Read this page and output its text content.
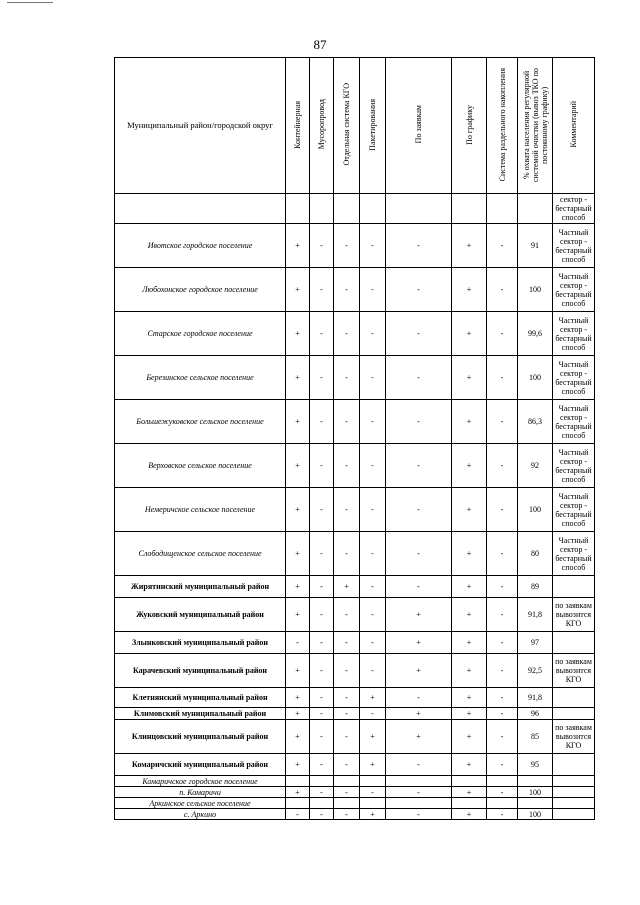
87
Муниципальный район/городской округ	Контейнерная	Мусоропровод	Отдельная система КГО	Пакетирования	По заявкам	По графику	Система раздельного накопления	% охвата населения регулярной системой очистки (вывоз ТКО по постоянному графику)	Комментарий
									сектор - бестарный способ
Ивотское городское поселение	+	-	-	-	-	+	-	91	Частный сектор - бестарный способ
Любохонское городское поселение	+	-	-	-	-	+	-	100	Частный сектор - бестарный способ
Старское городское поселение	+	-	-	-	-	+	-	99,6	Частный сектор - бестарный способ
Березинское сельское поселение	+	-	-	-	-	+	-	100	Частный сектор - бестарный способ
Большежуковское сельское поселение	+	-	-	-	-	+	-	86,3	Частный сектор - бестарный способ
Верховское сельское поселение	+	-	-	-	-	+	-	92	Частный сектор - бестарный способ
Немеричское сельское поселение	+	-	-	-	-	+	-	100	Частный сектор - бестарный способ
Слободищенское сельское поселение	+	-	-	-	-	+	-	80	Частный сектор - бестарный способ
Жирятинский муниципальный район	+	-	+	-	-	+	-	89	
Жуковский муниципальный район	+	-	-	-	+	+	-	91,8	по заявкам вывозится КГО
Злынковский муниципальный район	-	-	-	-	+	+	-	97	
Карачевский муниципальный район	+	-	-	-	+	+	-	92,5	по заявкам вывозится КГО
Клетнянский муниципальный район	+	-	-	+	-	+	-	91,8	
Климовский муниципальный район	+	-	-	-	+	+	-	96	
Клинцовский муниципальный район	+	-	-	+	+	+	-	85	по заявкам вывозится КГО
Комаричский муниципальный район	+	-	-	+	-	+	-	95	
Комаричское городское поселение									
п. Комаричи	+	-	-	-	-	+	-	100	
Аркинское сельское поселение									
с. Аркино	-	-	-	+	-	+	-	100	
